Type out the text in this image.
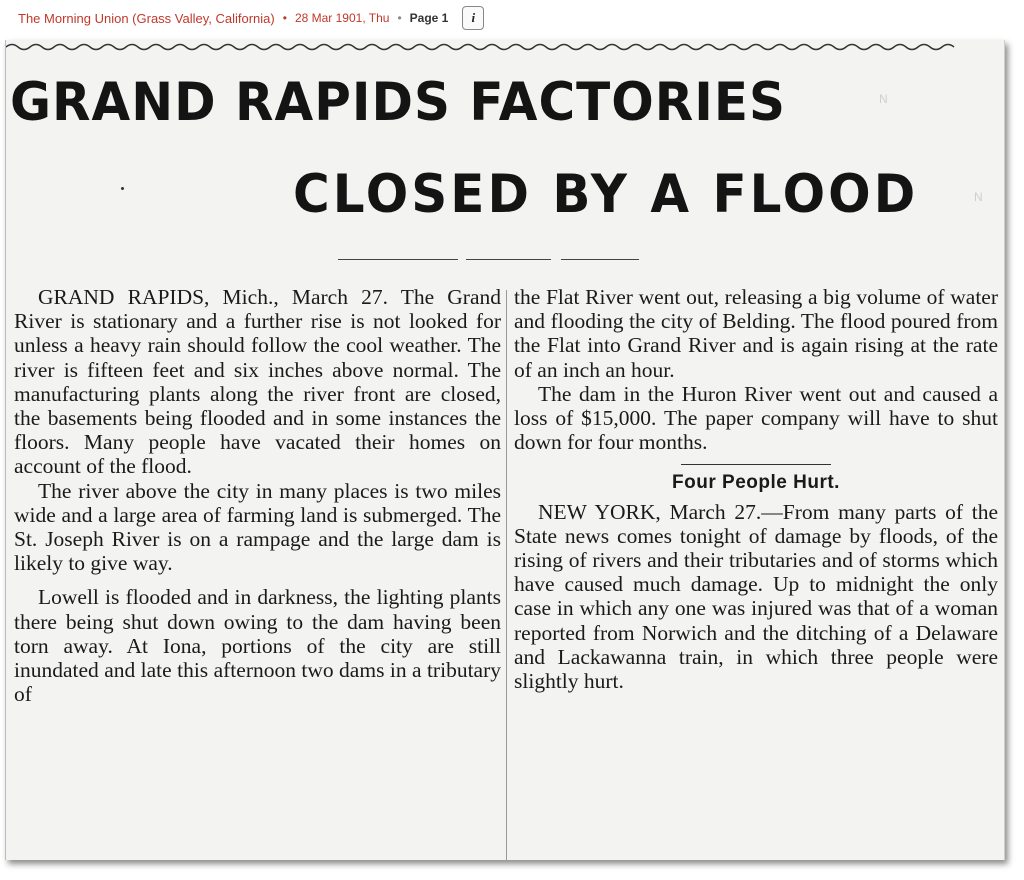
The Morning Union (Grass Valley, California) • 28 Mar 1901, Thu • Page 1 i
GRAND RAPIDS FACTORIES
CLOSED BY A FLOOD
N
N

GRAND RAPIDS, Mich., March 27. The Grand River is stationary and a further rise is not looked for unless a heavy rain should follow the cool weather. The river is fifteen feet and six inches above normal. The manufacturing plants along the river front are closed, the basements being flooded and in some instances the floors. Many people have vacated their homes on account of the flood.

The river above the city in many places is two miles wide and a large area of farming land is submerged. The St. Joseph River is on a rampage and the large dam is likely to give way.

Lowell is flooded and in darkness, the lighting plants there being shut down owing to the dam having been torn away. At Iona, portions of the city are still inundated and late this afternoon two dams in a tributary of

the Flat River went out, releasing a big volume of water and flooding the city of Belding. The flood poured from the Flat into Grand River and is again rising at the rate of an inch an hour.

The dam in the Huron River went out and caused a loss of $15,000. The paper company will have to shut down for four months.

Four People Hurt.

NEW YORK, March 27.—From many parts of the State news comes tonight of damage by floods, of the rising of rivers and their tributaries and of storms which have caused much damage. Up to midnight the only case in which any one was injured was that of a woman reported from Norwich and the ditching of a Delaware and Lackawanna train, in which three people were slightly hurt.
